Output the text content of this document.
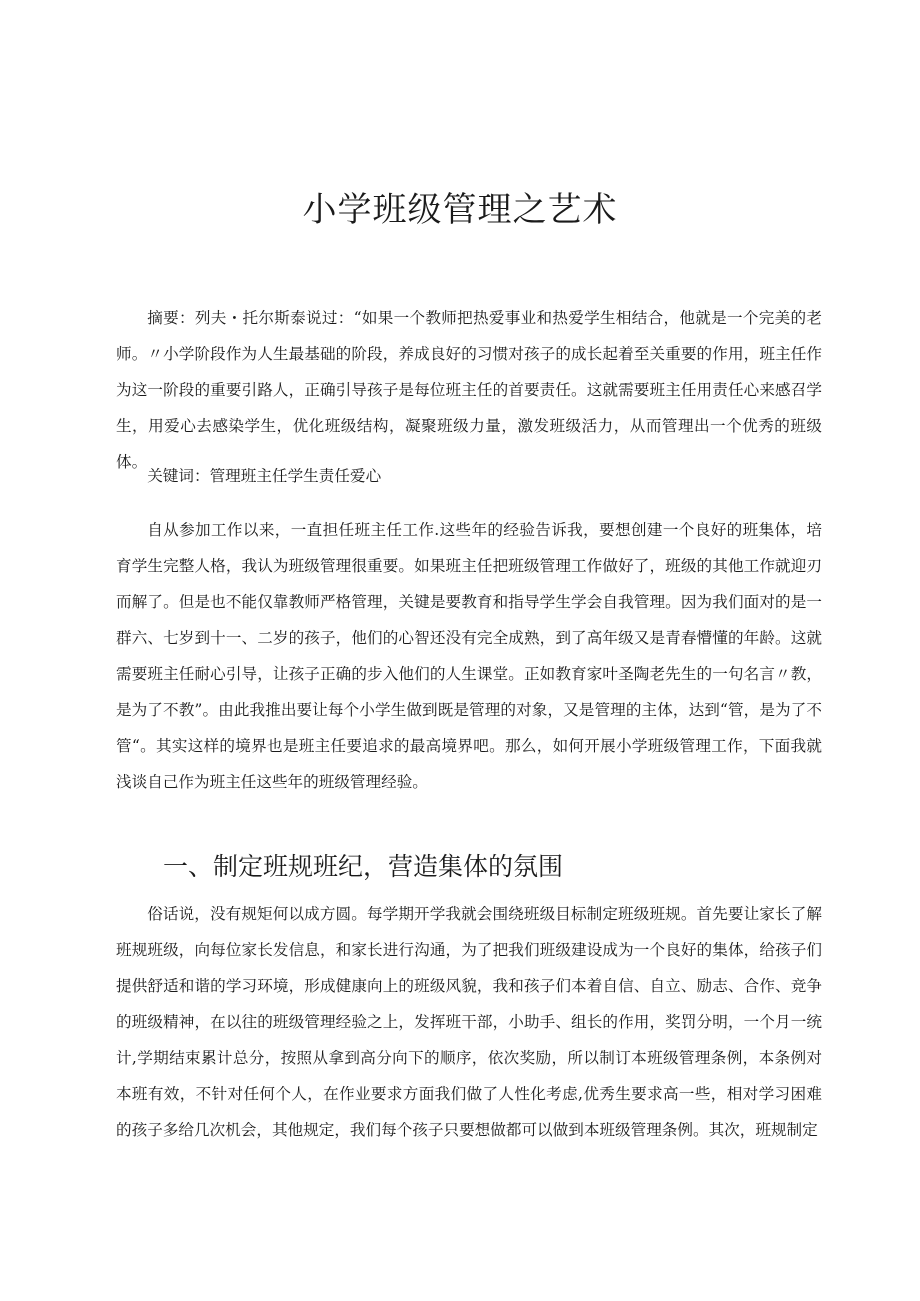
小学班级管理之艺术

摘要：列夫・托尔斯泰说过：“如果一个教师把热爱事业和热爱学生相结合，他就是一个完美的老师。〃小学阶段作为人生最基础的阶段，养成良好的习惯对孩子的成长起着至关重要的作用，班主任作为这一阶段的重要引路人，正确引导孩子是每位班主任的首要责任。这就需要班主任用责任心来感召学生，用爱心去感染学生，优化班级结构，凝聚班级力量，激发班级活力，从而管理出一个优秀的班级体。

关键词：管理班主任学生责任爱心

自从参加工作以来，一直担任班主任工作.这些年的经验告诉我，要想创建一个良好的班集体，培育学生完整人格，我认为班级管理很重要。如果班主任把班级管理工作做好了，班级的其他工作就迎刃而解了。但是也不能仅靠教师严格管理，关键是要教育和指导学生学会自我管理。因为我们面对的是一群六、七岁到十一、二岁的孩子，他们的心智还没有完全成熟，到了高年级又是青春懵懂的年龄。这就需要班主任耐心引导，让孩子正确的步入他们的人生课堂。正如教育家叶圣陶老先生的一句名言〃教，是为了不教”。由此我推出要让每个小学生做到既是管理的对象，又是管理的主体，达到“管，是为了不管“。其实这样的境界也是班主任要追求的最高境界吧。那么，如何开展小学班级管理工作，下面我就浅谈自己作为班主任这些年的班级管理经验。

一、制定班规班纪，营造集体的氛围

俗话说，没有规矩何以成方圆。每学期开学我就会围绕班级目标制定班级班规。首先要让家长了解班规班级，向每位家长发信息，和家长进行沟通，为了把我们班级建设成为一个良好的集体，给孩子们提供舒适和谐的学习环境，形成健康向上的班级风貌，我和孩子们本着自信、自立、励志、合作、竞争的班级精神，在以往的班级管理经验之上，发挥班干部，小助手、组长的作用，奖罚分明，一个月一统计,学期结束累计总分，按照从拿到高分向下的顺序，依次奖励，所以制订本班级管理条例，本条例对本班有效，不针对任何个人，在作业要求方面我们做了人性化考虑,优秀生要求高一些，相对学习困难的孩子多给几次机会，其他规定，我们每个孩子只要想做都可以做到本班级管理条例。其次，班规制定
